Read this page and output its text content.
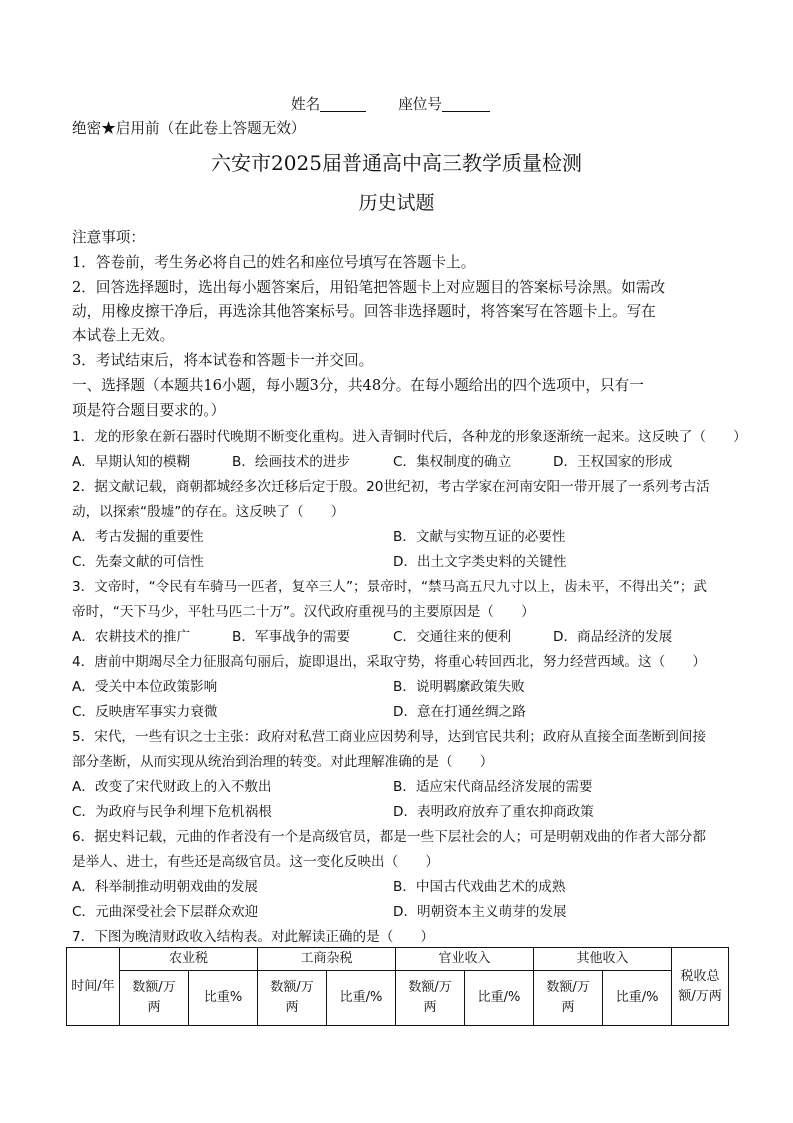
姓名	座位号
绝密★启用前（在此卷上答题无效）
六安市2025届普通高中高三教学质量检测
历史试题
注意事项：
1．答卷前，考生务必将自己的姓名和座位号填写在答题卡上。
2．回答选择题时，选出每小题答案后，用铅笔把答题卡上对应题目的答案标号涂黑。如需改
动，用橡皮擦干净后，再选涂其他答案标号。回答非选择题时，将答案写在答题卡上。写在
本试卷上无效。
3．考试结束后，将本试卷和答题卡一并交回。
一、选择题（本题共16小题，每小题3分，共48分。在每小题给出的四个选项中，只有一
项是符合题目要求的。）
1．龙的形象在新石器时代晚期不断变化重构。进入青铜时代后，各种龙的形象逐渐统一起来。这反映了（　　）
A．早期认知的模糊	B．绘画技术的进步	C．集权制度的确立	D．王权国家的形成
2．据文献记载，商朝都城经多次迁移后定于殷。20世纪初，考古学家在河南安阳一带开展了一系列考古活
动，以探索“殷墟”的存在。这反映了（　　）
A．考古发掘的重要性	B．文献与实物互证的必要性
C．先秦文献的可信性	D．出土文字类史料的关键性
3．文帝时，“令民有车骑马一匹者，复卒三人”；景帝时，“禁马高五尺九寸以上，齿未平，不得出关”；武
帝时，“天下马少，平牡马匹二十万”。汉代政府重视马的主要原因是（　　）
A．农耕技术的推广	B．军事战争的需要	C．交通往来的便利	D．商品经济的发展
4．唐前中期竭尽全力征服高句丽后，旋即退出，采取守势，将重心转回西北，努力经营西域。这（　　）
A．受关中本位政策影响	B．说明羁縻政策失败
C．反映唐军事实力衰微	D．意在打通丝绸之路
5．宋代，一些有识之士主张：政府对私营工商业应因势利导，达到官民共利；政府从直接全面垄断到间接
部分垄断，从而实现从统治到治理的转变。对此理解准确的是（　　）
A．改变了宋代财政上的入不敷出	B．适应宋代商品经济发展的需要
C．为政府与民争利埋下危机祸根	D．表明政府放弃了重农抑商政策
6．据史料记载，元曲的作者没有一个是高级官员，都是一些下层社会的人；可是明朝戏曲的作者大部分都
是举人、进士，有些还是高级官员。这一变化反映出（　　）
A．科举制推动明朝戏曲的发展	B．中国古代戏曲艺术的成熟
C．元曲深受社会下层群众欢迎	D．明朝资本主义萌芽的发展
7．下图为晚清财政收入结构表。对此解读正确的是（　　）
时间/年	农业税		工商杂税		官业收入		其他收入		税收总额/万两
	数额/万两	比重%	数额/万两	比重/%	数额/万两	比重/%	数额/万两	比重/%	
